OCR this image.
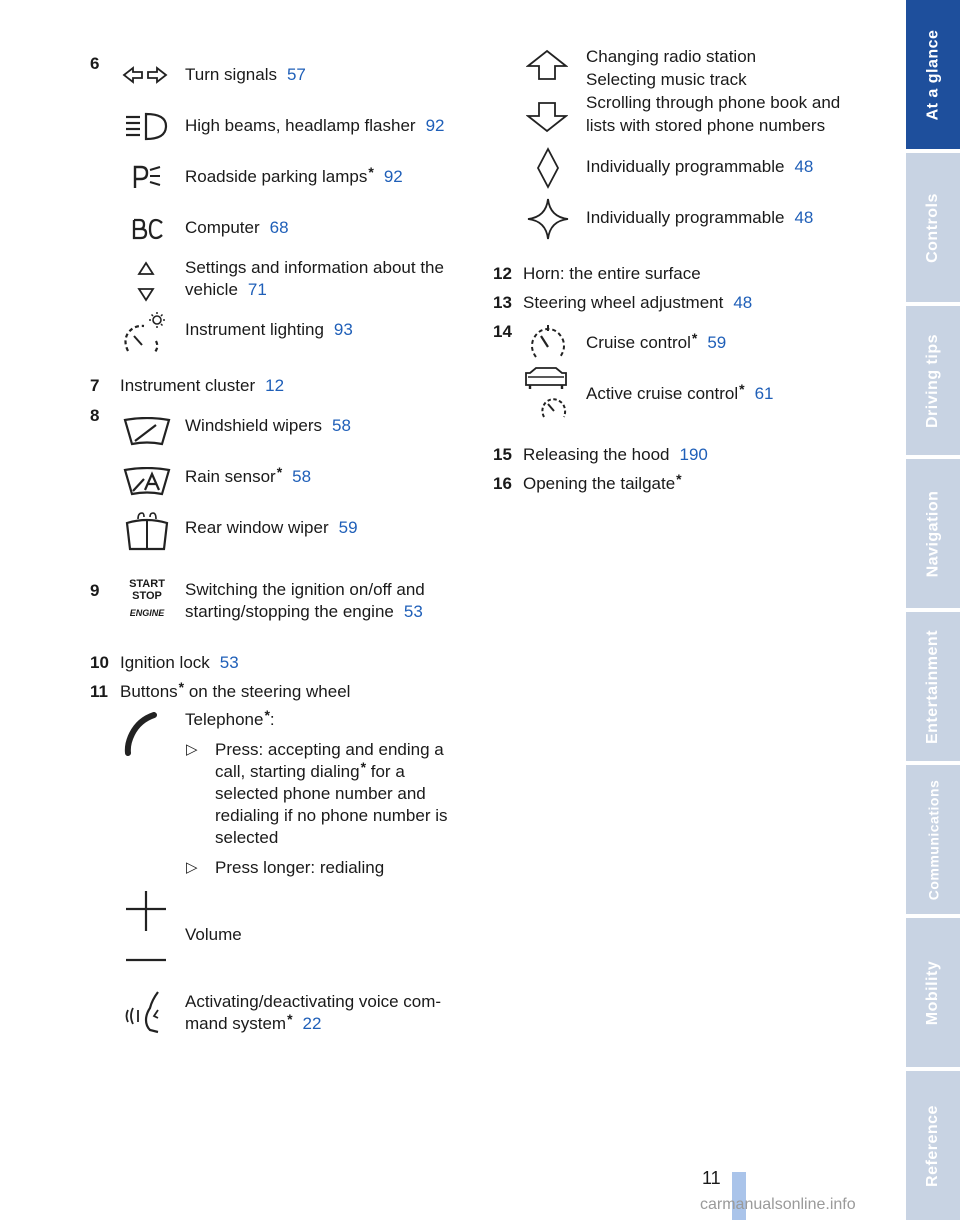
6
Turn signals 57
High beams, headlamp flasher 92
Roadside parking lamps* 92
Computer 68
Settings and information about the
vehicle 71
Instrument lighting 93
7 Instrument cluster 12
8
Windshield wipers 58
Rain sensor* 58
Rear window wiper 59
9	START
STOP
ENGINE
Switching the ignition on/off and
starting/stopping the engine 53
10 Ignition lock 53
11 Buttons* on the steering wheel
Telephone*:
▷ Press: accepting and ending a
call, starting dialing* for a
selected phone number and
redialing if no phone number is
selected
▷ Press longer: redialing
Volume
Activating/deactivating voice com-
mand system* 22
Changing radio station
Selecting music track
Scrolling through phone book and
lists with stored phone numbers
Individually programmable 48
Individually programmable 48
12 Horn: the entire surface
13 Steering wheel adjustment 48
14
Cruise control* 59
Active cruise control* 61
15 Releasing the hood 190
16 Opening the tailgate*
At a glance
Controls
Driving tips
Navigation
Entertainment
Communications
Mobility
Reference
11
carmanualsonline.info
